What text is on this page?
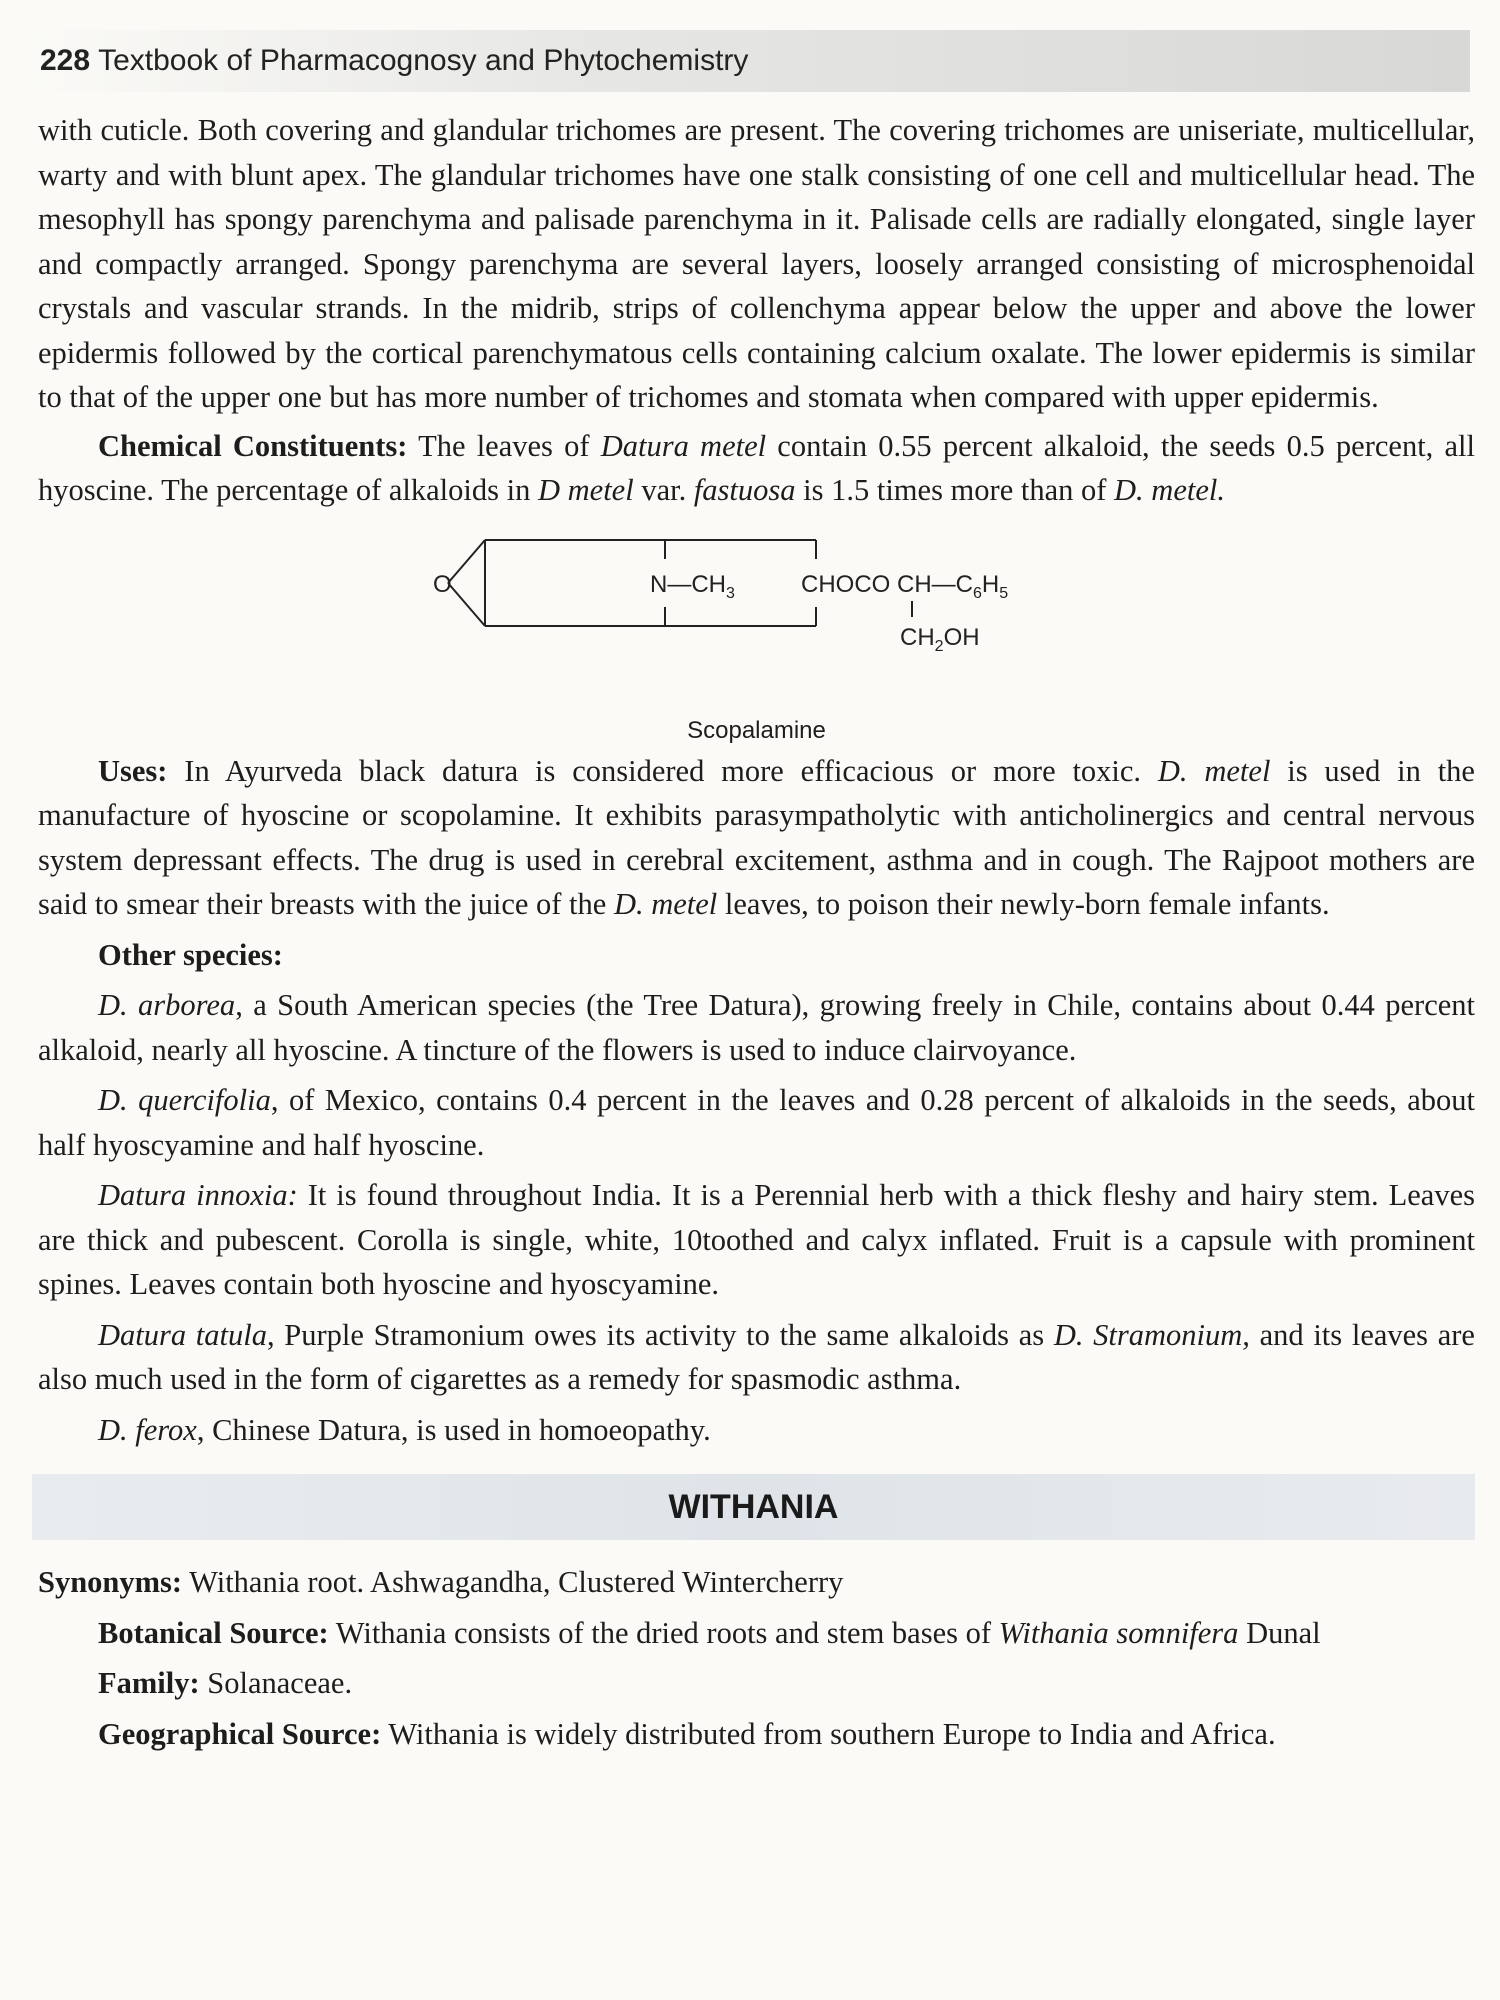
228 Textbook of Pharmacognosy and Phytochemistry

with cuticle. Both covering and glandular trichomes are present. The covering trichomes are uniseriate, multicellular, warty and with blunt apex. The glandular trichomes have one stalk consisting of one cell and multicellular head. The mesophyll has spongy parenchyma and palisade parenchyma in it. Palisade cells are radially elongated, single layer and compactly arranged. Spongy parenchyma are several layers, loosely arranged consisting of microsphenoidal crystals and vascular strands. In the midrib, strips of collenchyma appear below the upper and above the lower epidermis followed by the cortical parenchymatous cells containing calcium oxalate. The lower epidermis is similar to that of the upper one but has more number of trichomes and stomata when compared with upper epidermis.

Chemical Constituents: The leaves of Datura metel contain 0.55 percent alkaloid, the seeds 0.5 percent, all hyoscine. The percentage of alkaloids in D metel var. fastuosa is 1.5 times more than of D. metel.

O	$N—CH_3$	CHOCO $CH—C_6H_5$
$CH_2OH$

Scopalamine

Uses: In Ayurveda black datura is considered more efficacious or more toxic. D. metel is used in the manufacture of hyoscine or scopolamine. It exhibits parasympatholytic with anticholinergics and central nervous system depressant effects. The drug is used in cerebral excitement, asthma and in cough. The Rajpoot mothers are said to smear their breasts with the juice of the D. metel leaves, to poison their newly-born female infants.

Other species:

D. arborea, a South American species (the Tree Datura), growing freely in Chile, contains about 0.44 percent alkaloid, nearly all hyoscine. A tincture of the flowers is used to induce clairvoyance.

D. quercifolia, of Mexico, contains 0.4 percent in the leaves and 0.28 percent of alkaloids in the seeds, about half hyoscyamine and half hyoscine.

Datura innoxia: It is found throughout India. It is a Perennial herb with a thick fleshy and hairy stem. Leaves are thick and pubescent. Corolla is single, white, 10toothed and calyx inflated. Fruit is a capsule with prominent spines. Leaves contain both hyoscine and hyoscyamine.

Datura tatula, Purple Stramonium owes its activity to the same alkaloids as D. Stramonium, and its leaves are also much used in the form of cigarettes as a remedy for spasmodic asthma.

D. ferox, Chinese Datura, is used in homoeopathy.

WITHANIA

Synonyms: Withania root. Ashwagandha, Clustered Wintercherry

Botanical Source: Withania consists of the dried roots and stem bases of Withania somnifera Dunal

Family: Solanaceae.

Geographical Source: Withania is widely distributed from southern Europe to India and Africa.
